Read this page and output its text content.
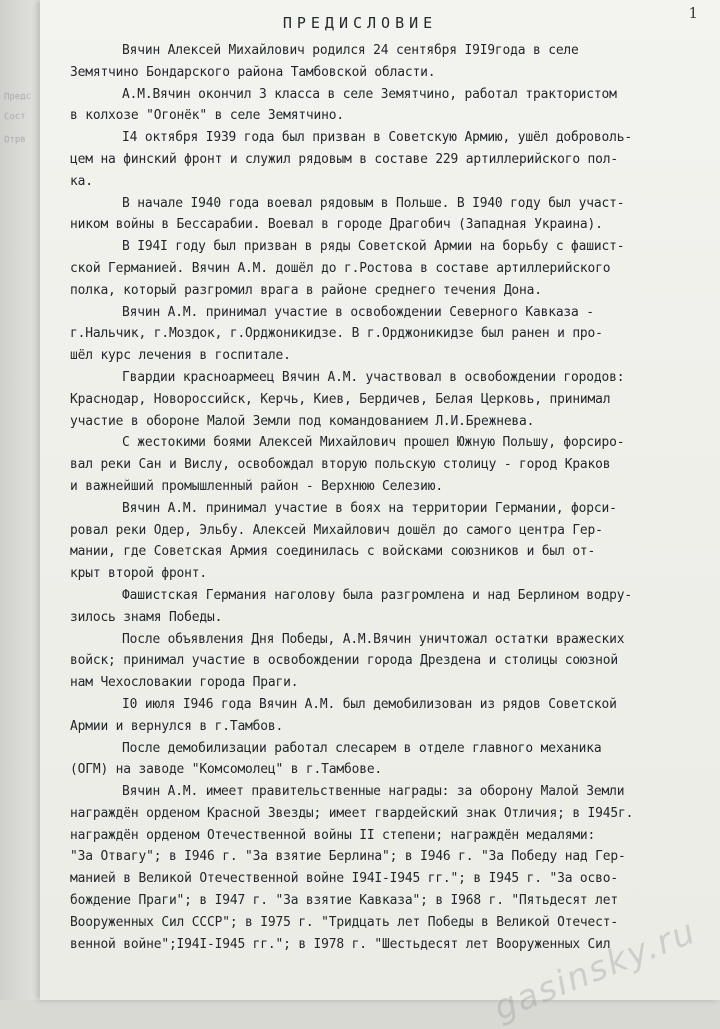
Предс
Сост
Отрв
1
ПРЕДИСЛОВИЕ
Вячин Алексей Михайлович родился 24 сентября I9I9года в селе
Земятчино Бондарского района Тамбовской области.
А.М.Вячин окончил 3 класса в селе Земятчино, работал трактористом
в колхозе "Огонёк" в селе Земятчино.
I4 октября I939 года был призван в Советскую Армию, ушёл доброволь-
цем на финский фронт и служил рядовым в составе 229 артиллерийского пол-
ка.
В начале I940 года воевал рядовым в Польше. В I940 году был участ-
ником войны в Бессарабии. Воевал в городе Драгобич (Западная Украина).
В I94I году был призван в ряды Советской Армии на борьбу с фашист-
ской Германией. Вячин А.М. дошёл до г.Ростова в составе артиллерийского
полка, который разгромил врага в районе среднего течения Дона.
Вячин А.М. принимал участие в освобождении Северного Кавказа -
г.Нальчик, г.Моздок, г.Орджоникидзе. В г.Орджоникидзе был ранен и про-
шёл курс лечения в госпитале.
Гвардии красноармеец Вячин А.М. участвовал в освобождении городов:
Краснодар, Новороссийск, Керчь, Киев, Бердичев, Белая Церковь, принимал
участие в обороне Малой Земли под командованием Л.И.Брежнева.
С жестокими боями Алексей Михайлович прошел Южную Польшу, форсиро-
вал реки Сан и Вислу, освобождал вторую польскую столицу - город Краков
и важнейший промышленный район - Верхнюю Селезию.
Вячин А.М. принимал участие в боях на территории Германии, форси-
ровал реки Одер, Эльбу. Алексей Михайлович дошёл до самого центра Гер-
мании, где Советская Армия соединилась с войсками союзников и был от-
крыт второй фронт.
Фашистская Германия наголову была разгромлена и над Берлином водру-
зилось знамя Победы.
После объявления Дня Победы, А.М.Вячин уничтожал остатки вражеских
войск; принимал участие в освобождении города Дрездена и столицы союзной
нам Чехословакии города Праги.
I0 июля I946 года Вячин А.М. был демобилизован из рядов Советской
Армии и вернулся в г.Тамбов.
После демобилизации работал слесарем в отделе главного механика
(ОГМ) на заводе "Комсомолец" в г.Тамбове.
Вячин А.М. имеет правительственные награды: за оборону Малой Земли
награждён орденом Красной Звезды; имеет гвардейский знак Отличия; в I945г.
награждён орденом Отечественной войны II степени; награждён медалями:
"За Отвагу"; в I946 г. "За взятие Берлина"; в I946 г. "За Победу над Гер-
манией в Великой Отечественной войне I94I-I945 гг."; в I945 г. "За осво-
бождение Праги"; в I947 г. "За взятие Кавказа"; в I968 г. "Пятьдесят лет
Вооруженных Сил СССР"; в I975 г. "Тридцать лет Победы в Великой Отечест-
венной войне";I94I-I945 гг."; в I978 г. "Шестьдесят лет Вооруженных Сил
gasinsky.ru
